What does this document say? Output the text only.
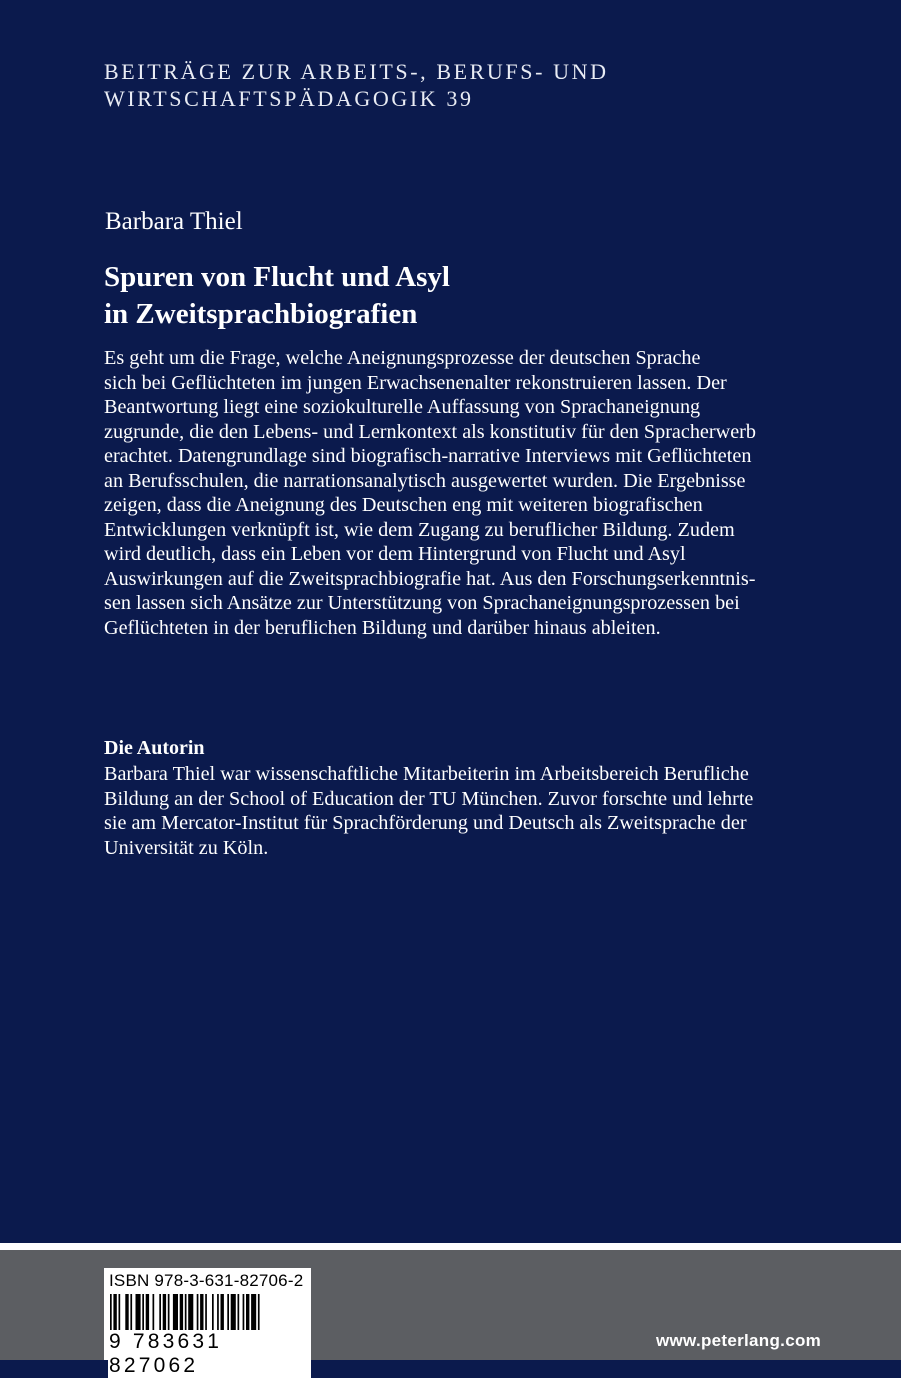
BEITRÄGE ZUR ARBEITS-, BERUFS- UND
WIRTSCHAFTSPÄDAGOGIK 39
Barbara Thiel
Spuren von Flucht und Asyl
in Zweitsprachbiografien
Es geht um die Frage, welche Aneignungsprozesse der deutschen Sprache
sich bei Geflüchteten im jungen Erwachsenenalter rekonstruieren lassen. Der
Beantwortung liegt eine soziokulturelle Auffassung von Sprachaneignung
zugrunde, die den Lebens- und Lernkontext als konstitutiv für den Spracherwerb
erachtet. Datengrundlage sind biografisch-narrative Interviews mit Geflüchteten
an Berufsschulen, die narrationsanalytisch ausgewertet wurden. Die Ergebnisse
zeigen, dass die Aneignung des Deutschen eng mit weiteren biografischen
Entwicklungen verknüpft ist, wie dem Zugang zu beruflicher Bildung. Zudem
wird deutlich, dass ein Leben vor dem Hintergrund von Flucht und Asyl
Auswirkungen auf die Zweitsprachbiografie hat. Aus den Forschungserkenntnis-
sen lassen sich Ansätze zur Unterstützung von Sprachaneignungsprozessen bei
Geflüchteten in der beruflichen Bildung und darüber hinaus ableiten.
Die Autorin
Barbara Thiel war wissenschaftliche Mitarbeiterin im Arbeitsbereich Berufliche
Bildung an der School of Education der TU München. Zuvor forschte und lehrte
sie am Mercator-Institut für Sprachförderung und Deutsch als Zweitsprache der
Universität zu Köln.
ISBN 978-3-631-82706-2
9 783631 827062
www.peterlang.com
